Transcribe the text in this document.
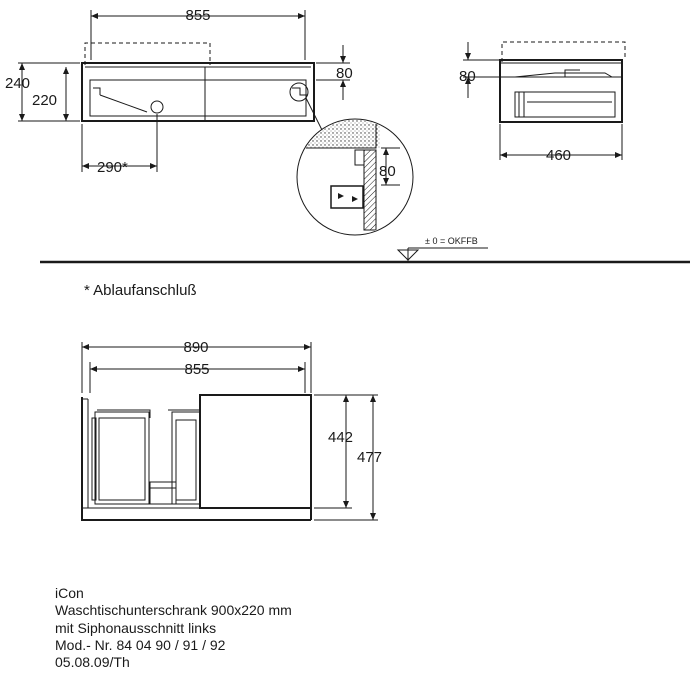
855
240
220
80
290*	80
80
460
± 0 = OKFFB
* Ablaufanschluß
890
855
442
477
iCon
Waschtischunterschrank 900x220 mm
mit Siphonausschnitt links
Mod.- Nr. 84 04 90 / 91 / 92
05.08.09/Th
